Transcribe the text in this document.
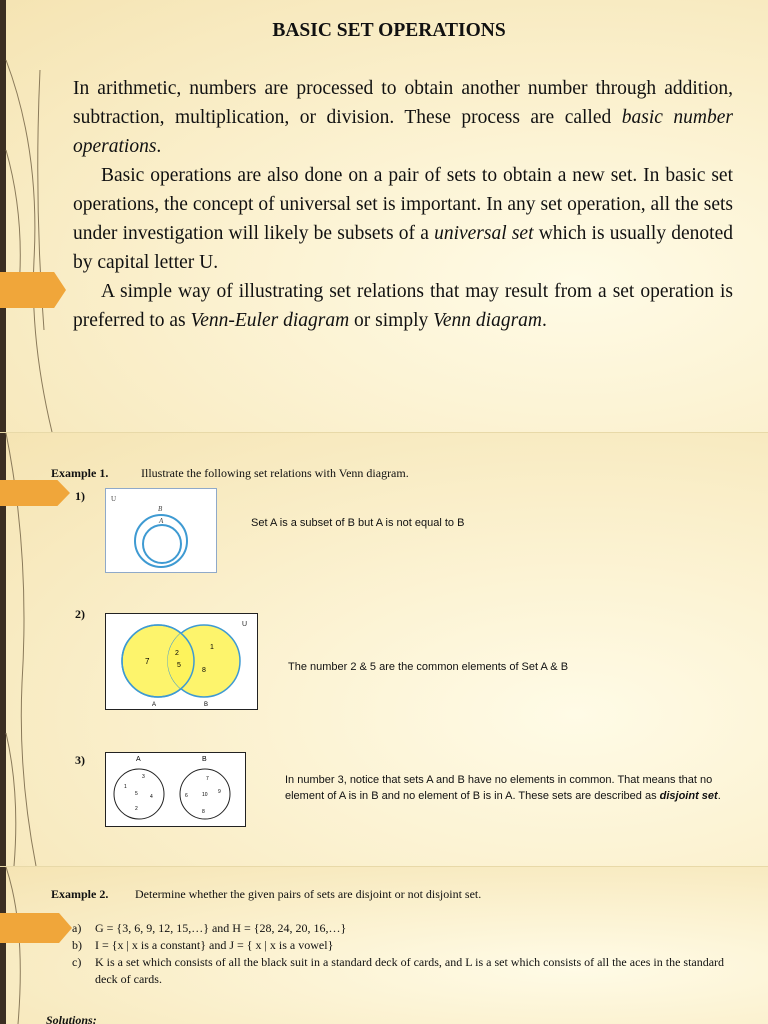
BASIC SET OPERATIONS

In arithmetic, numbers are processed to obtain another number through addition, subtraction, multiplication, or division. These process are called basic number operations.

Basic operations are also done on a pair of sets to obtain a new set. In basic set operations, the concept of universal set is important. In any set operation, all the sets under investigation will likely be subsets of a universal set which is usually denoted by capital letter U.

A simple way of illustrating set relations that may result from a set operation is preferred to as Venn-Euler diagram or simply Venn diagram.

Example 1.	Illustrate the following set relations with Venn diagram.
1)	U
B
A	Set A is a subset of B but A is not equal to B
2)
U
7
2
5
1
8
A	B
The number 2 & 5 are the common elements of Set A & B
3)	A	B
3
1
5 4
2
7
6	10 9
8
In number 3, notice that sets A and B have no elements in common. That means that no element of A is in B and no element of B is in A. These sets are described as disjoint set.
Example 2. Determine whether the given pairs of sets are disjoint or not disjoint set.
a)	G = {3, 6, 9, 12, 15,…} and H = {28, 24, 20, 16,…}
b)	I = {x | x is a constant} and J = { x | x is a vowel}
c)	K is a set which consists of all the black suit in a standard deck of cards, and L is a set which consists of all the aces in the standard deck of cards.
Solutions:
